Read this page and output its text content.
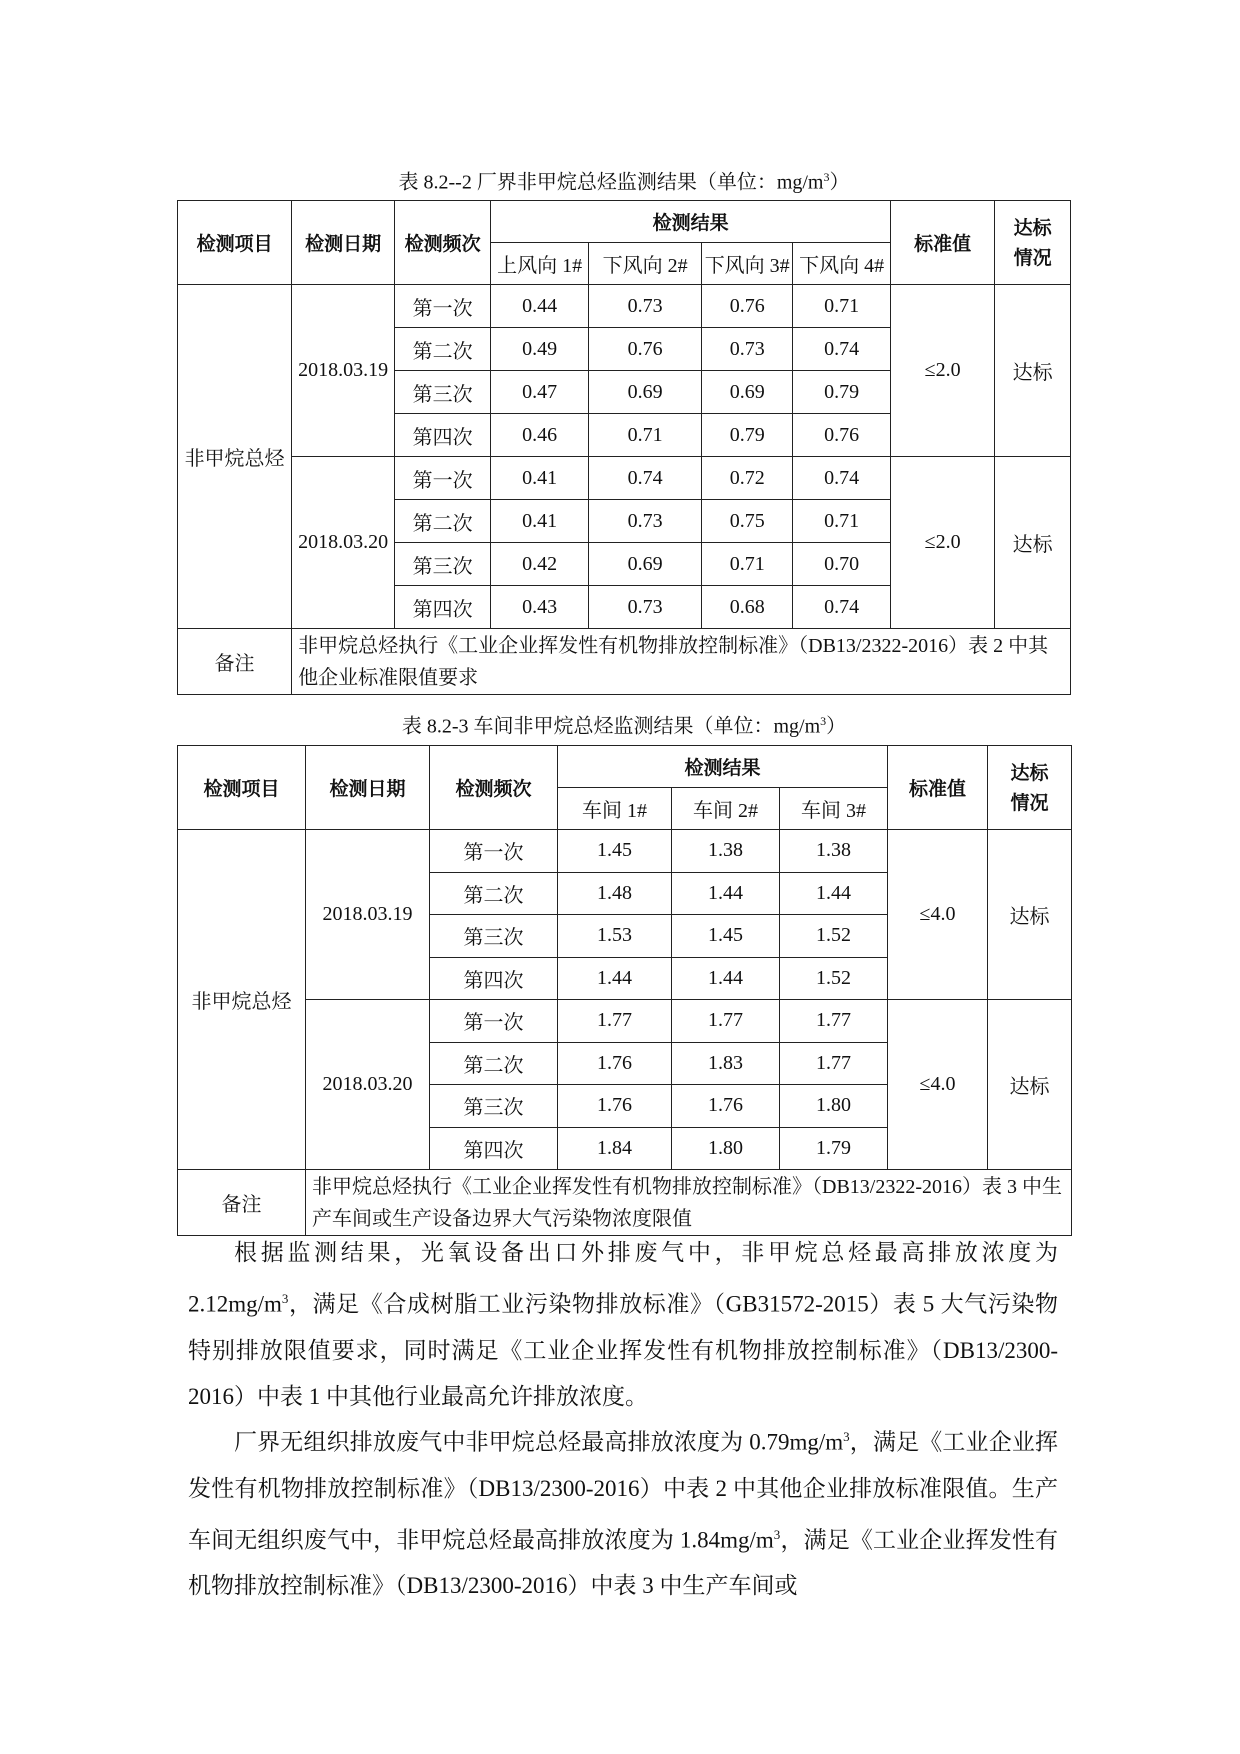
表 8.2--2 厂界非甲烷总烃监测结果（单位：$mg/m^3$）
检测项目	检测日期	检测频次	检测结果				标准值	达标
情况
			上风向 1#	下风向 2#	下风向 3#	下风向 4#		
非甲烷总烃	2018.03.19	第一次	0.44	0.73	0.76	0.71	≤2.0	达标
		第二次	0.49	0.76	0.73	0.74		
		第三次	0.47	0.69	0.69	0.79		
		第四次	0.46	0.71	0.79	0.76		
	2018.03.20	第一次	0.41	0.74	0.72	0.74	≤2.0	达标
		第二次	0.41	0.73	0.75	0.71		
		第三次	0.42	0.69	0.71	0.70		
		第四次	0.43	0.73	0.68	0.74		
备注	非甲烷总烃执行《工业企业挥发性有机物排放控制标准》（DB13/2322-2016）表 2 中其他企业标准限值要求							
表 8.2-3 车间非甲烷总烃监测结果（单位：$mg/m^3$）
检测项目	检测日期	检测频次	检测结果			标准值	达标
情况
			车间 1#	车间 2#	车间 3#		
非甲烷总烃	2018.03.19	第一次	1.45	1.38	1.38	≤4.0	达标
		第二次	1.48	1.44	1.44		
		第三次	1.53	1.45	1.52		
		第四次	1.44	1.44	1.52		
	2018.03.20	第一次	1.77	1.77	1.77	≤4.0	达标
		第二次	1.76	1.83	1.77		
		第三次	1.76	1.76	1.80		
		第四次	1.84	1.80	1.79		
备注	非甲烷总烃执行《工业企业挥发性有机物排放控制标准》（DB13/2322-2016）表 3 中生产车间或生产设备边界大气污染物浓度限值						

根据监测结果，光氧设备出口外排废气中，非甲烷总烃最高排放浓度为 $2.12mg/m^3$，满足《合成树脂工业污染物排放标准》（GB31572-2015）表 5 大气污染物特别排放限值要求，同时满足《工业企业挥发性有机物排放控制标准》（DB13/2300-2016）中表 1 中其他行业最高允许排放浓度。

厂界无组织排放废气中非甲烷总烃最高排放浓度为 $0.79mg/m^3$，满足《工业企业挥发性有机物排放控制标准》（DB13/2300-2016）中表 2 中其他企业排放标准限值。生产车间无组织废气中，非甲烷总烃最高排放浓度为 $1.84mg/m^3$，满足《工业企业挥发性有机物排放控制标准》（DB13/2300-2016）中表 3 中生产车间或
